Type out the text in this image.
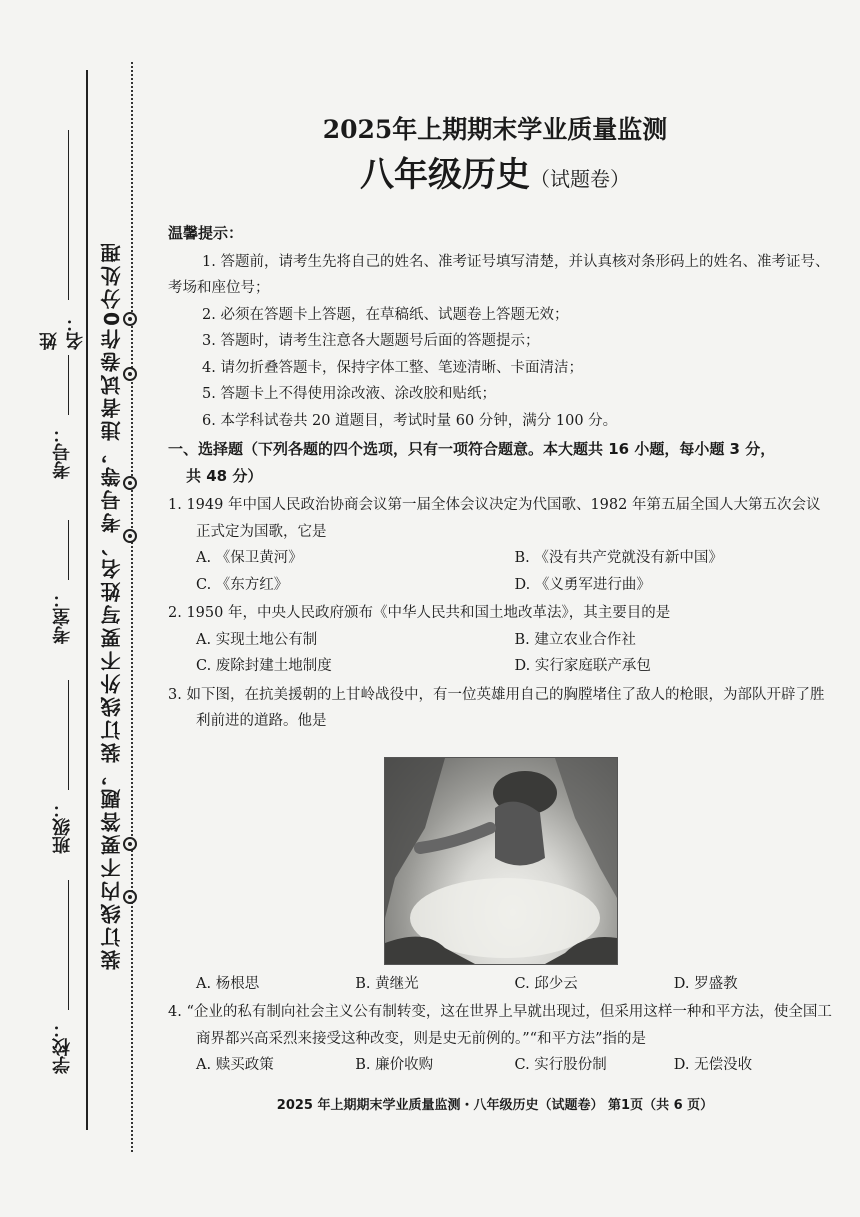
装订线内不要答题，装订线外不要写姓名、考号等，违者试卷作0分处理
姓名：
考号：
考室：
班级：
学校：
2025年上期期末学业质量监测
八年级历史（试题卷）
温馨提示：

1. 答题前，请考生先将自己的姓名、准考证号填写清楚，并认真核对条形码上的姓名、准考证号、考场和座位号；

2. 必须在答题卡上答题，在草稿纸、试题卷上答题无效；

3. 答题时，请考生注意各大题题号后面的答题提示；

4. 请勿折叠答题卡，保持字体工整、笔迹清晰、卡面清洁；

5. 答题卡上不得使用涂改液、涂改胶和贴纸；

6. 本学科试卷共 20 道题目，考试时量 60 分钟，满分 100 分。

一、选择题（下列各题的四个选项，只有一项符合题意。本大题共 16 小题，每小题 3 分，
共 48 分）
1. 1949 年中国人民政治协商会议第一届全体会议决定为代国歌、1982 年第五届全国人大第五次会议正式定为国歌，它是
A. 《保卫黄河》	B. 《没有共产党就没有新中国》
C. 《东方红》	D. 《义勇军进行曲》
2. 1950 年，中央人民政府颁布《中华人民共和国土地改革法》，其主要目的是
A. 实现土地公有制	B. 建立农业合作社
C. 废除封建土地制度	D. 实行家庭联产承包
3. 如下图，在抗美援朝的上甘岭战役中，有一位英雄用自己的胸膛堵住了敌人的枪眼，为部队开辟了胜利前进的道路。他是
A. 杨根思	B. 黄继光	C. 邱少云	D. 罗盛教
4. “企业的私有制向社会主义公有制转变，这在世界上早就出现过，但采用这样一种和平方法，使全国工商界都兴高采烈来接受这种改变，则是史无前例的。”“和平方法”指的是
A. 赎买政策	B. 廉价收购	C. 实行股份制	D. 无偿没收
2025 年上期期末学业质量监测・八年级历史（试题卷） 第1页（共 6 页）
